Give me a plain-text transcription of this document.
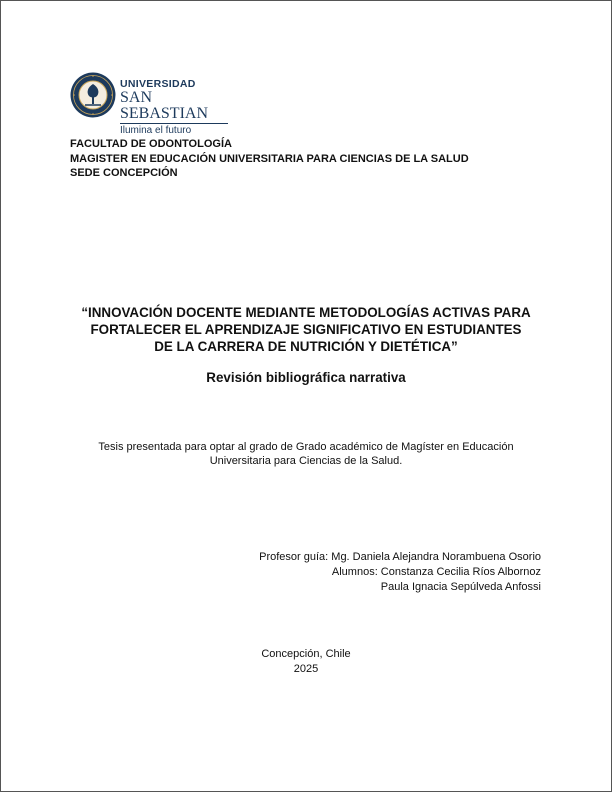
UNIVERSIDAD
SAN SEBASTIAN
Ilumina el futuro
FACULTAD DE ODONTOLOGÍA
MAGISTER EN EDUCACIÓN UNIVERSITARIA PARA CIENCIAS DE LA SALUD
SEDE CONCEPCIÓN
“INNOVACIÓN DOCENTE MEDIANTE METODOLOGÍAS ACTIVAS PARA
FORTALECER EL APRENDIZAJE SIGNIFICATIVO EN ESTUDIANTES
DE LA CARRERA DE NUTRICIÓN Y DIETÉTICA”
Revisión bibliográfica narrativa
Tesis presentada para optar al grado de Grado académico de Magíster en Educación
Universitaria para Ciencias de la Salud.
Profesor guía: Mg. Daniela Alejandra Norambuena Osorio
Alumnos: Constanza Cecilia Ríos Albornoz
Paula Ignacia Sepúlveda Anfossi
Concepción, Chile
2025
